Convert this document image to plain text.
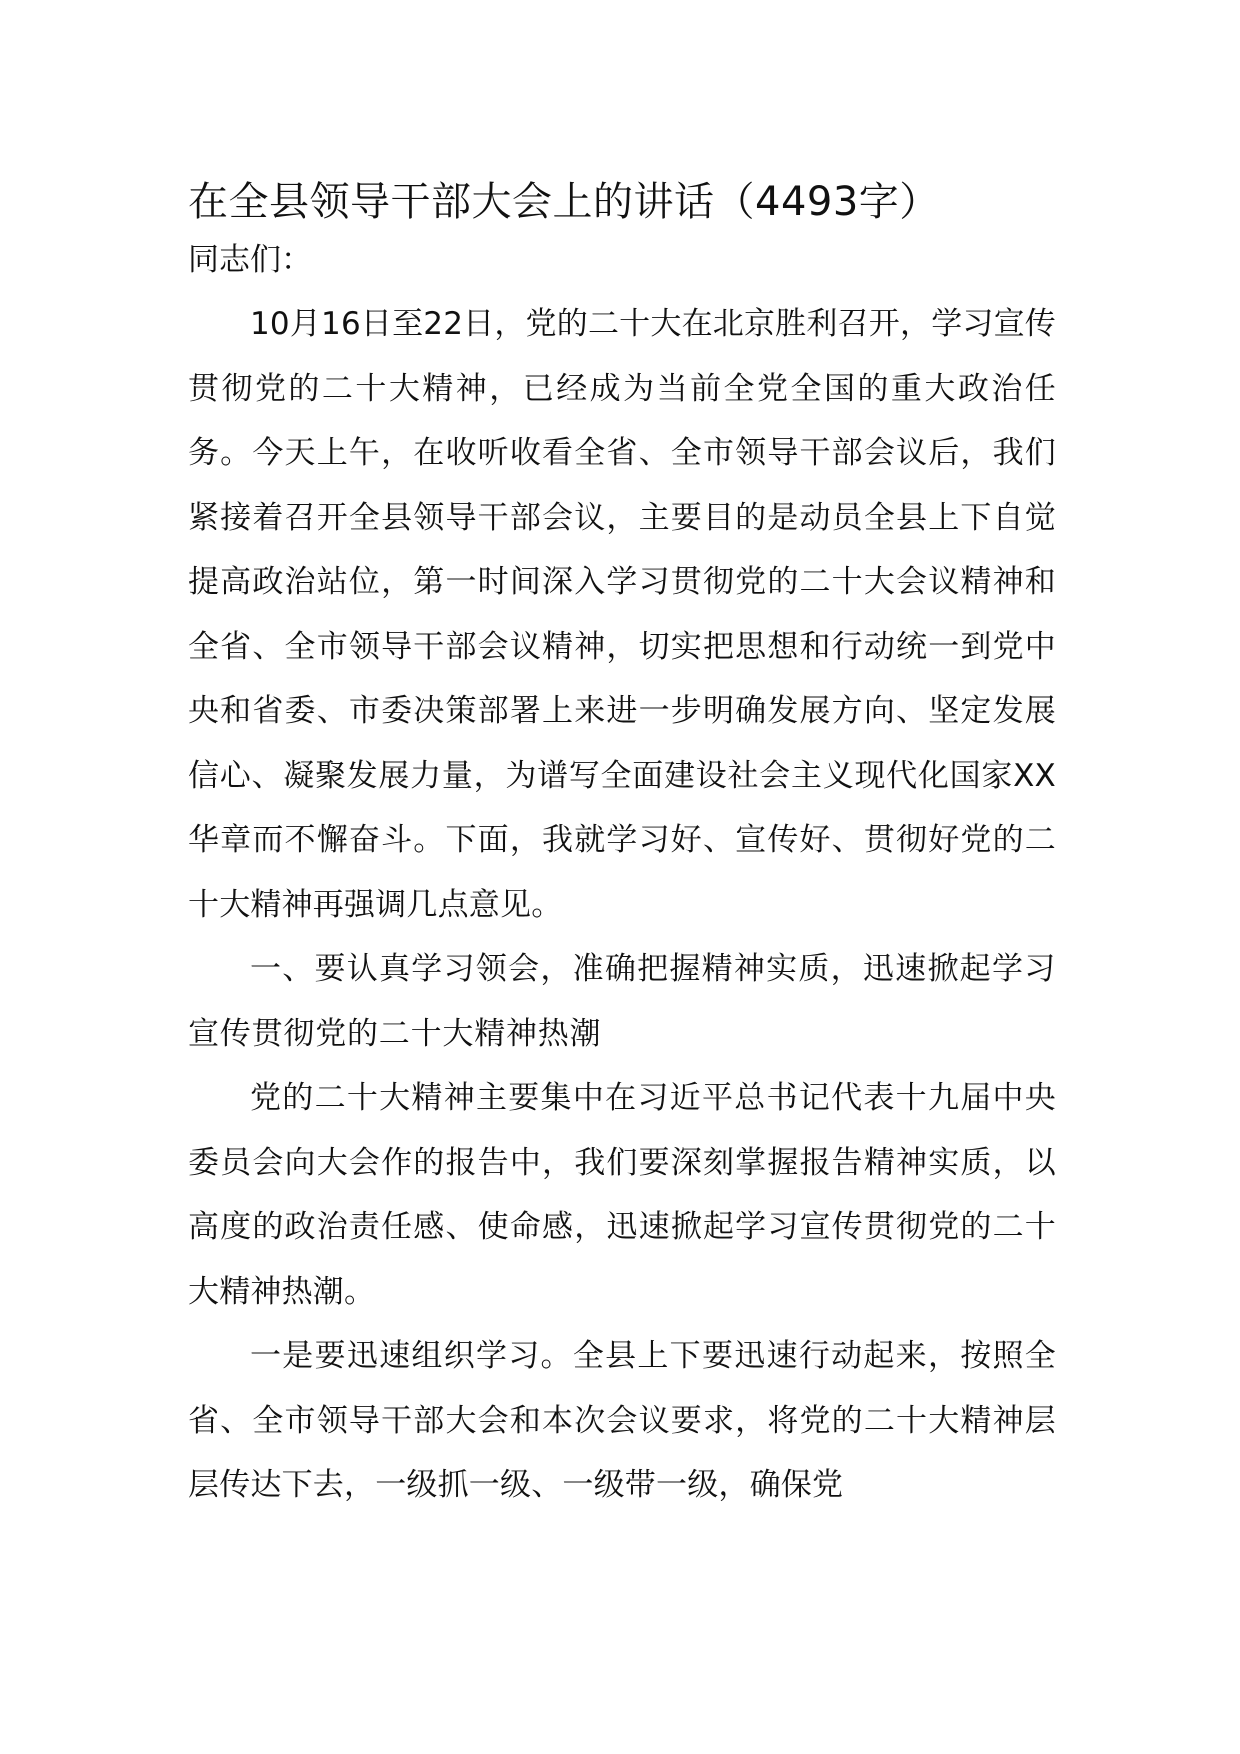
在全县领导干部大会上的讲话（4493字）

同志们：

10月16日至22日，党的二十大在北京胜利召开，学习宣传贯彻党的二十大精神，已经成为当前全党全国的重大政治任务。今天上午，在收听收看全省、全市领导干部会议后，我们紧接着召开全县领导干部会议，主要目的是动员全县上下自觉提高政治站位，第一时间深入学习贯彻党的二十大会议精神和全省、全市领导干部会议精神，切实把思想和行动统一到党中央和省委、市委决策部署上来进一步明确发展方向、坚定发展信心、凝聚发展力量，为谱写全面建设社会主义现代化国家XX华章而不懈奋斗。下面，我就学习好、宣传好、贯彻好党的二十大精神再强调几点意见。

一、要认真学习领会，准确把握精神实质，迅速掀起学习宣传贯彻党的二十大精神热潮

党的二十大精神主要集中在习近平总书记代表十九届中央委员会向大会作的报告中，我们要深刻掌握报告精神实质，以高度的政治责任感、使命感，迅速掀起学习宣传贯彻党的二十大精神热潮。

一是要迅速组织学习。全县上下要迅速行动起来，按照全省、全市领导干部大会和本次会议要求，将党的二十大精神层层传达下去，一级抓一级、一级带一级，确保党
